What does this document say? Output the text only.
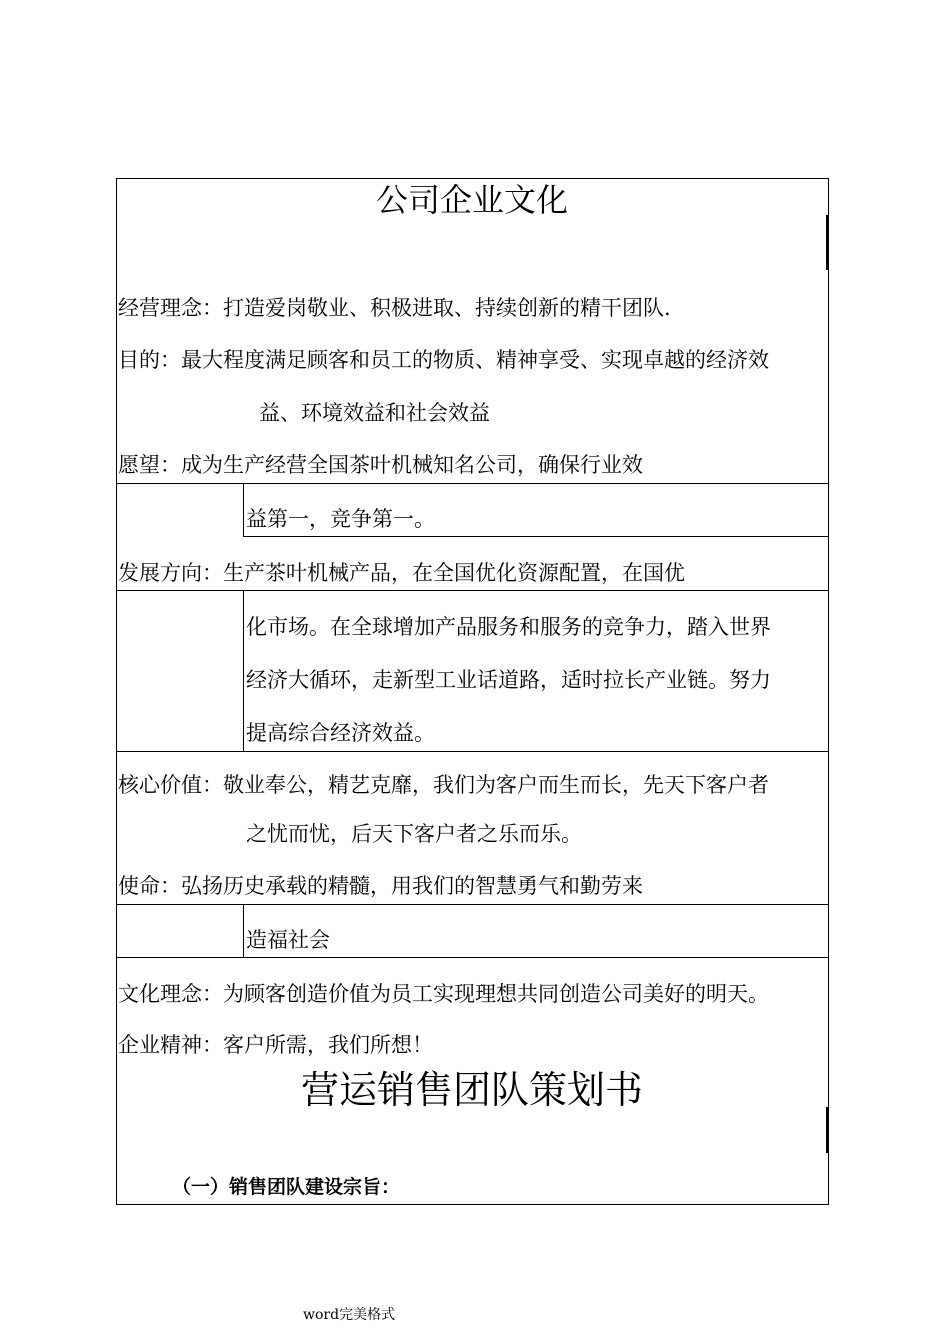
公司企业文化
经营理念：打造爱岗敬业、积极进取、持续创新的精干团队.
目的：最大程度满足顾客和员工的物质、精神享受、实现卓越的经济效
益、环境效益和社会效益
愿望：成为生产经营全国茶叶机械知名公司，确保行业效
益第一，竞争第一。
发展方向：生产茶叶机械产品，在全国优化资源配置，在国优
化市场。在全球增加产品服务和服务的竞争力，踏入世界
经济大循环，走新型工业话道路，适时拉长产业链。努力
提高综合经济效益。
核心价值：敬业奉公，精艺克靡，我们为客户而生而长，先天下客户者
之忧而忧，后天下客户者之乐而乐。
使命：弘扬历史承载的精髓，用我们的智慧勇气和勤劳来
造福社会
文化理念：为顾客创造价值为员工实现理想共同创造公司美好的明天。
企业精神：客户所需，我们所想！
营运销售团队策划书
（一）销售团队建设宗旨：
word完美格式
